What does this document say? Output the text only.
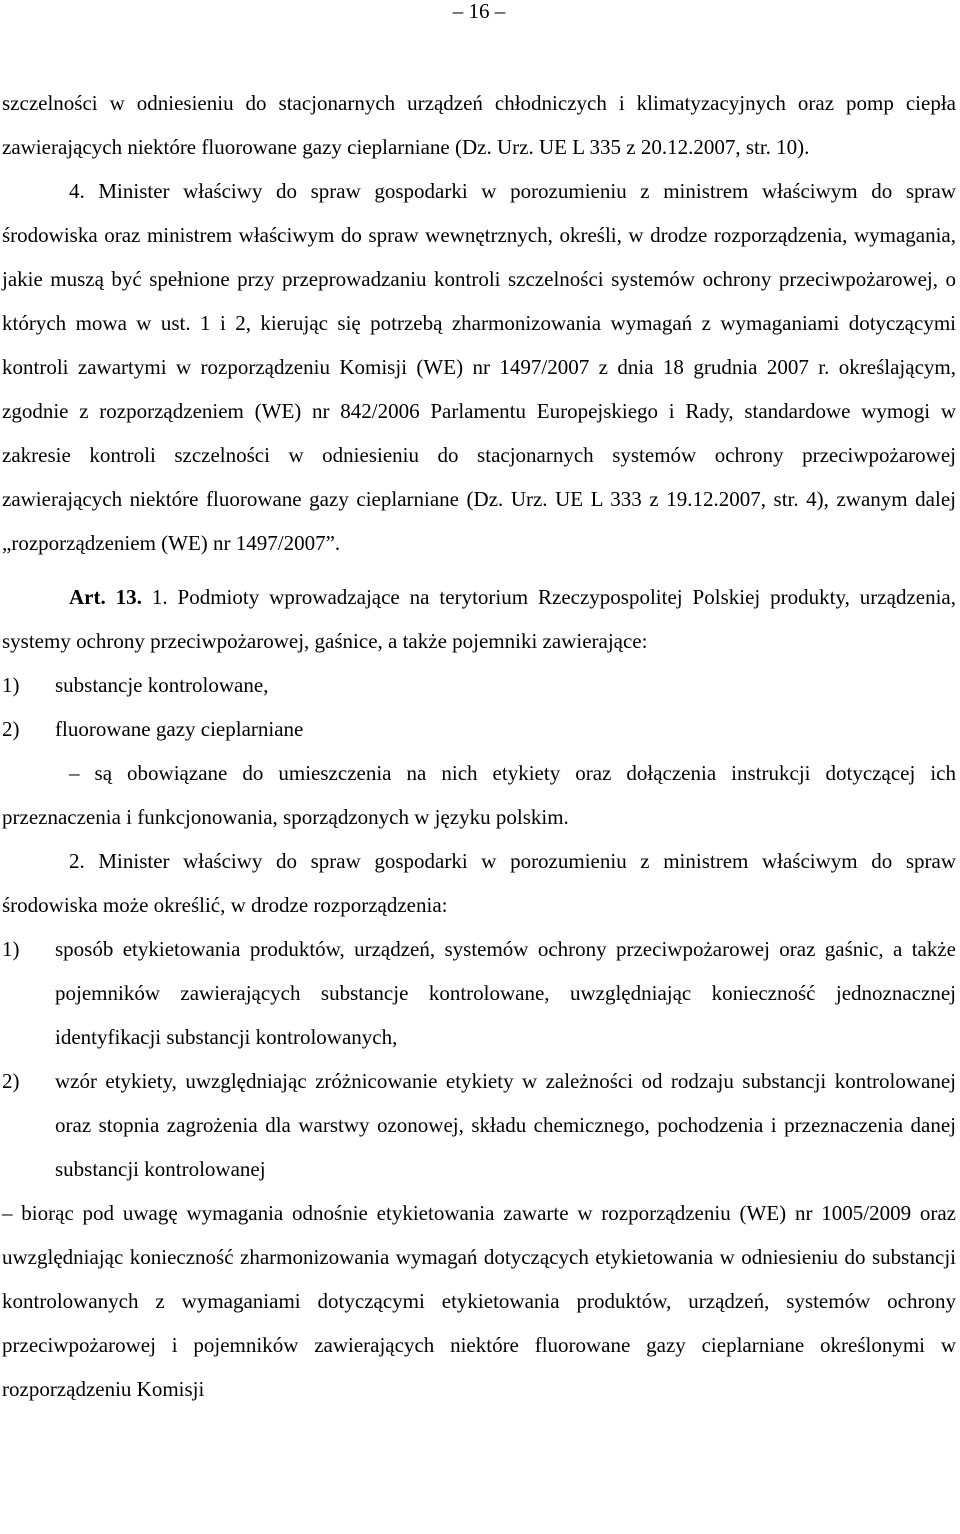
– 16 –

szczelności w odniesieniu do stacjonarnych urządzeń chłodniczych i klimatyzacyjnych oraz pomp ciepła zawierających niektóre fluorowane gazy cieplarniane (Dz. Urz. UE L 335 z 20.12.2007, str. 10).

4. Minister właściwy do spraw gospodarki w porozumieniu z ministrem właściwym do spraw środowiska oraz ministrem właściwym do spraw wewnętrznych, określi, w drodze rozporządzenia, wymagania, jakie muszą być spełnione przy przeprowadzaniu kontroli szczelności systemów ochrony przeciwpożarowej, o których mowa w ust. 1 i 2, kierując się potrzebą zharmonizowania wymagań z wymaganiami dotyczącymi kontroli zawartymi w rozporządzeniu Komisji (WE) nr 1497/2007 z dnia 18 grudnia 2007 r. określającym, zgodnie z rozporządzeniem (WE) nr 842/2006 Parlamentu Europejskiego i Rady, standardowe wymogi w zakresie kontroli szczelności w odniesieniu do stacjonarnych systemów ochrony przeciwpożarowej zawierających niektóre fluorowane gazy cieplarniane (Dz. Urz. UE L 333 z 19.12.2007, str. 4), zwanym dalej „rozporządzeniem (WE) nr 1497/2007”.

Art. 13. 1. Podmioty wprowadzające na terytorium Rzeczypospolitej Polskiej produkty, urządzenia, systemy ochrony przeciwpożarowej, gaśnice, a także pojemniki zawierające:

1)	substancje kontrolowane,
2)	fluorowane gazy cieplarniane

– są obowiązane do umieszczenia na nich etykiety oraz dołączenia instrukcji dotyczącej ich przeznaczenia i funkcjonowania, sporządzonych w języku polskim.

2. Minister właściwy do spraw gospodarki w porozumieniu z ministrem właściwym do spraw środowiska może określić, w drodze rozporządzenia:

1)	sposób etykietowania produktów, urządzeń, systemów ochrony przeciwpożarowej oraz gaśnic, a także pojemników zawierających substancje kontrolowane, uwzględniając konieczność jednoznacznej identyfikacji substancji kontrolowanych,
2)	wzór etykiety, uwzględniając zróżnicowanie etykiety w zależności od rodzaju substancji kontrolowanej oraz stopnia zagrożenia dla warstwy ozonowej, składu chemicznego, pochodzenia i przeznaczenia danej substancji kontrolowanej

– biorąc pod uwagę wymagania odnośnie etykietowania zawarte w rozporządzeniu (WE) nr 1005/2009 oraz uwzględniając konieczność zharmonizowania wymagań dotyczących etykietowania w odniesieniu do substancji kontrolowanych z wymaganiami dotyczącymi etykietowania produktów, urządzeń, systemów ochrony przeciwpożarowej i pojemników zawierających niektóre fluorowane gazy cieplarniane określonymi w rozporządzeniu Komisji
